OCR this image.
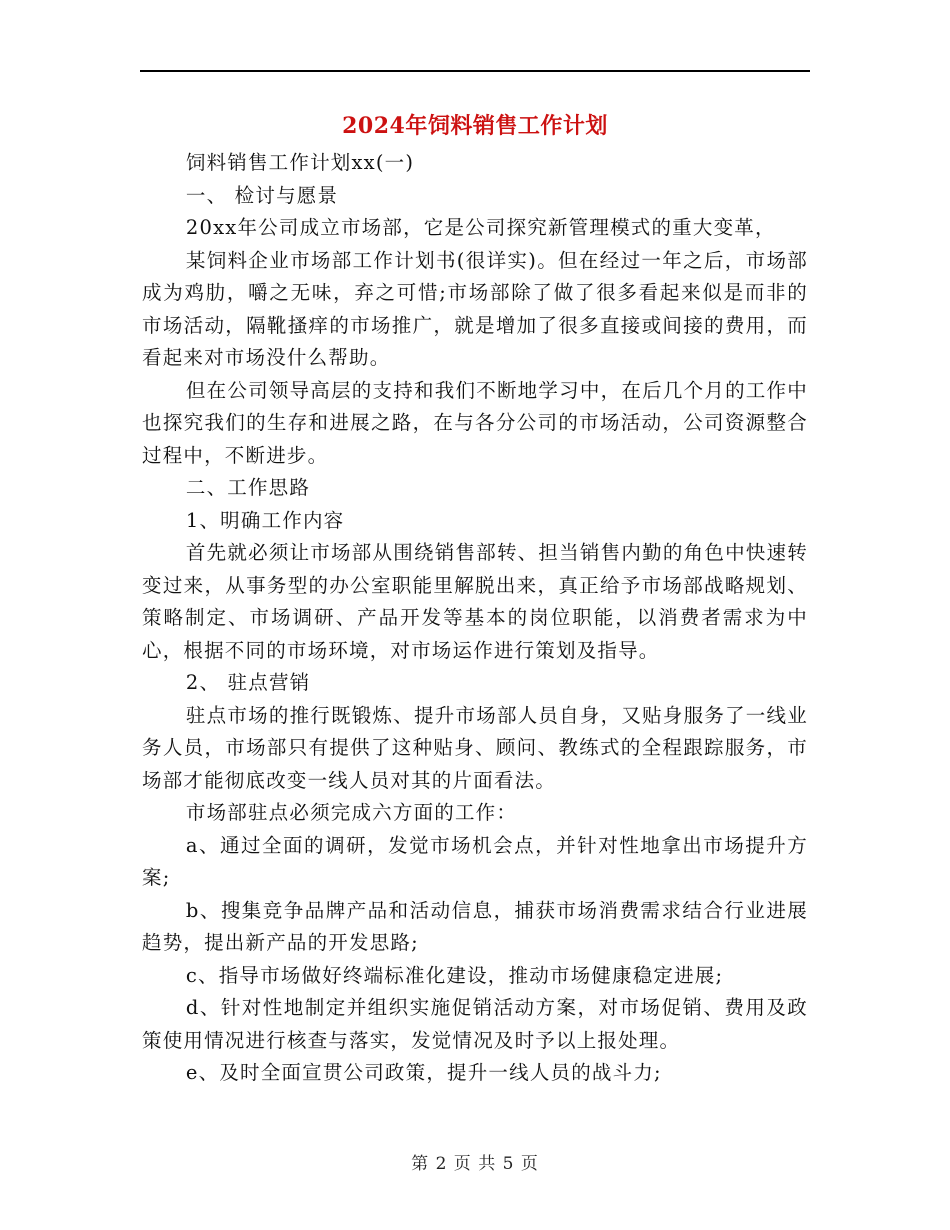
2024年饲料销售工作计划

饲料销售工作计划xx(一)

一、 检讨与愿景

20xx年公司成立市场部，它是公司探究新管理模式的重大变革，

某饲料企业市场部工作计划书(很详实)。但在经过一年之后，市场部成为鸡肋，嚼之无味，弃之可惜;市场部除了做了很多看起来似是而非的市场活动，隔靴搔痒的市场推广，就是增加了很多直接或间接的费用，而看起来对市场没什么帮助。

但在公司领导高层的支持和我们不断地学习中，在后几个月的工作中也探究我们的生存和进展之路，在与各分公司的市场活动，公司资源整合过程中，不断进步。

二、工作思路

1、明确工作内容

首先就必须让市场部从围绕销售部转、担当销售内勤的角色中快速转变过来，从事务型的办公室职能里解脱出来，真正给予市场部战略规划、策略制定、市场调研、产品开发等基本的岗位职能，以消费者需求为中心，根据不同的市场环境，对市场运作进行策划及指导。

2、 驻点营销

驻点市场的推行既锻炼、提升市场部人员自身，又贴身服务了一线业务人员，市场部只有提供了这种贴身、顾问、教练式的全程跟踪服务，市场部才能彻底改变一线人员对其的片面看法。

市场部驻点必须完成六方面的工作：

a、通过全面的调研，发觉市场机会点，并针对性地拿出市场提升方案;

b、搜集竞争品牌产品和活动信息，捕获市场消费需求结合行业进展趋势，提出新产品的开发思路;

c、指导市场做好终端标准化建设，推动市场健康稳定进展;

d、针对性地制定并组织实施促销活动方案，对市场促销、费用及政策使用情况进行核查与落实，发觉情况及时予以上报处理。

e、及时全面宣贯公司政策，提升一线人员的战斗力;

第 2 页 共 5 页
